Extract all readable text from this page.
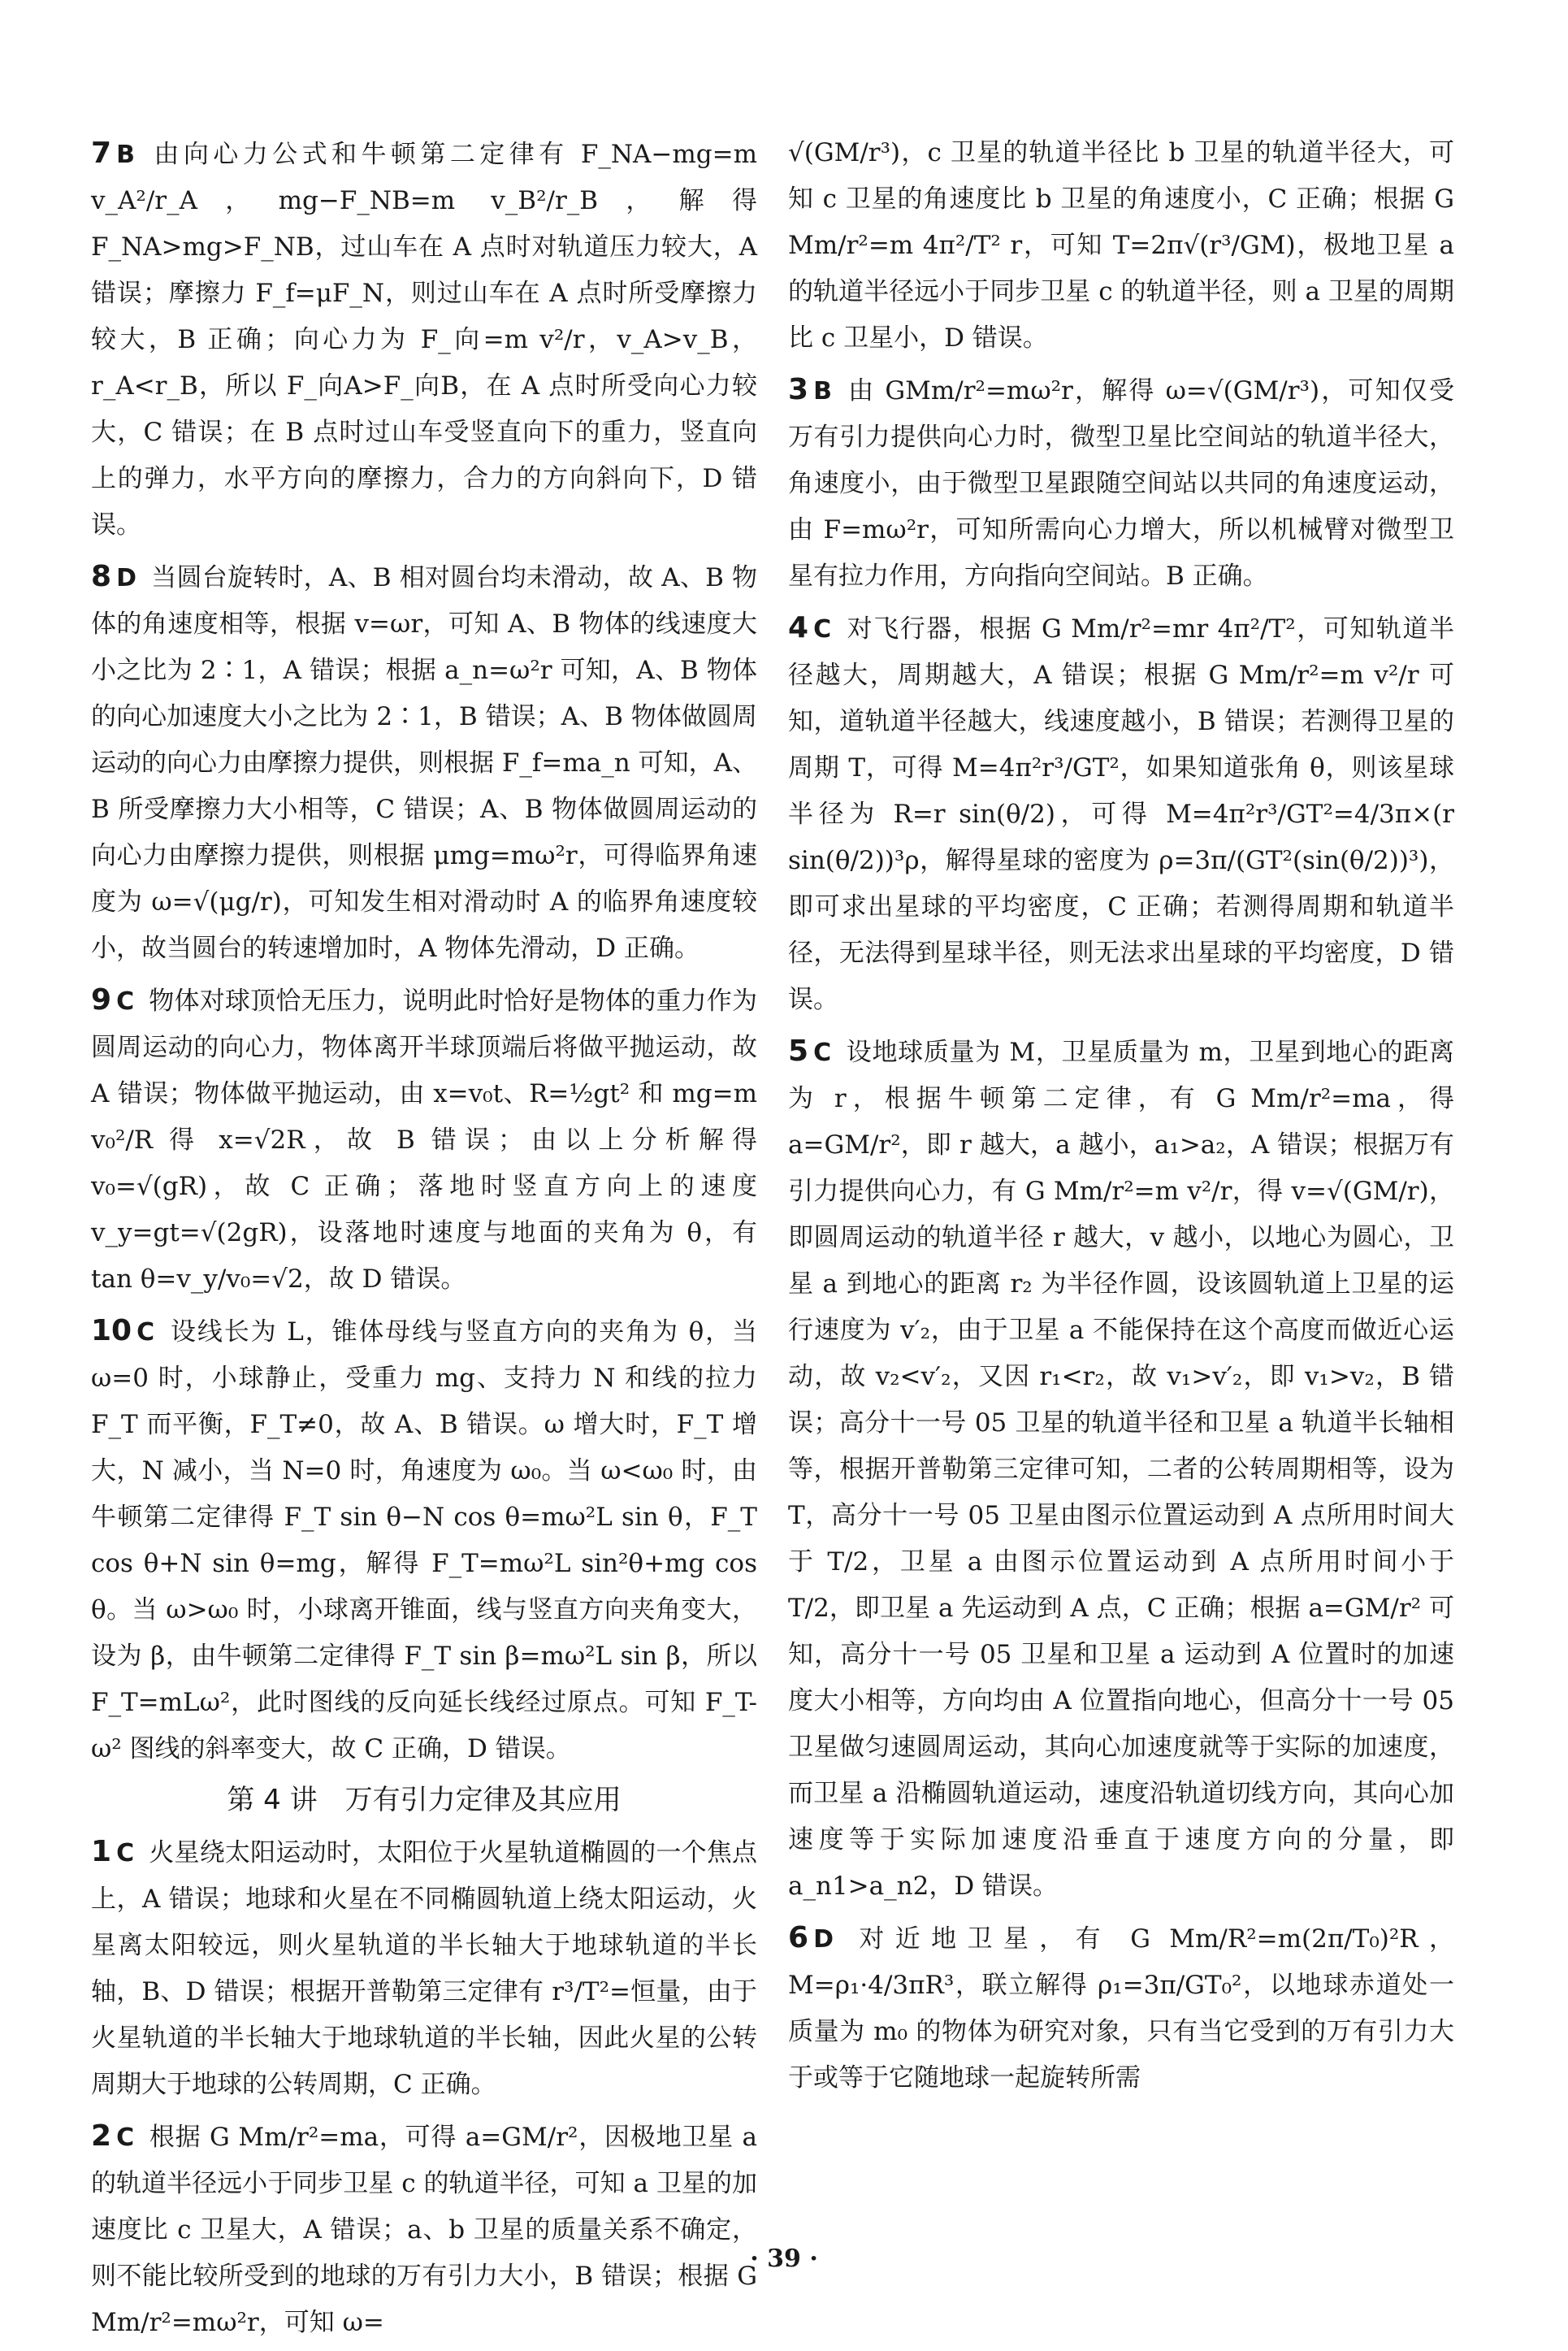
7 B 由向心力公式和牛顿第二定律有 F_NA−mg=m v_A²/r_A，mg−F_NB=m v_B²/r_B，解得 F_NA>mg>F_NB，过山车在 A 点时对轨道压力较大，A 错误；摩擦力 F_f=μF_N，则过山车在 A 点时所受摩擦力较大，B 正确；向心力为 F_向=m v²/r，v_A>v_B，r_A<r_B，所以 F_向A>F_向B，在 A 点时所受向心力较大，C 错误；在 B 点时过山车受竖直向下的重力，竖直向上的弹力，水平方向的摩擦力，合力的方向斜向下，D 错误。

8 D 当圆台旋转时，A、B 相对圆台均未滑动，故 A、B 物体的角速度相等，根据 v=ωr，可知 A、B 物体的线速度大小之比为 2∶1，A 错误；根据 a_n=ω²r 可知，A、B 物体的向心加速度大小之比为 2∶1，B 错误；A、B 物体做圆周运动的向心力由摩擦力提供，则根据 F_f=ma_n 可知，A、B 所受摩擦力大小相等，C 错误；A、B 物体做圆周运动的向心力由摩擦力提供，则根据 μmg=mω²r，可得临界角速度为 ω=√(μg/r)，可知发生相对滑动时 A 的临界角速度较小，故当圆台的转速增加时，A 物体先滑动，D 正确。

9 C 物体对球顶恰无压力，说明此时恰好是物体的重力作为圆周运动的向心力，物体离开半球顶端后将做平抛运动，故 A 错误；物体做平抛运动，由 x=v₀t、R=½gt² 和 mg=m v₀²/R 得 x=√2R，故 B 错误；由以上分析解得 v₀=√(gR)，故 C 正确；落地时竖直方向上的速度 v_y=gt=√(2gR)，设落地时速度与地面的夹角为 θ，有 tan θ=v_y/v₀=√2，故 D 错误。

10 C 设线长为 L，锥体母线与竖直方向的夹角为 θ，当 ω=0 时，小球静止，受重力 mg、支持力 N 和线的拉力 F_T 而平衡，F_T≠0，故 A、B 错误。ω 增大时，F_T 增大，N 减小，当 N=0 时，角速度为 ω₀。当 ω<ω₀ 时，由牛顿第二定律得 F_T sin θ−N cos θ=mω²L sin θ，F_T cos θ+N sin θ=mg，解得 F_T=mω²L sin²θ+mg cos θ。当 ω>ω₀ 时，小球离开锥面，线与竖直方向夹角变大，设为 β，由牛顿第二定律得 F_T sin β=mω²L sin β，所以 F_T=mLω²，此时图线的反向延长线经过原点。可知 F_T-ω² 图线的斜率变大，故 C 正确，D 错误。

第 4 讲　万有引力定律及其应用

1 C 火星绕太阳运动时，太阳位于火星轨道椭圆的一个焦点上，A 错误；地球和火星在不同椭圆轨道上绕太阳运动，火星离太阳较远，则火星轨道的半长轴大于地球轨道的半长轴，B、D 错误；根据开普勒第三定律有 r³/T²=恒量，由于火星轨道的半长轴大于地球轨道的半长轴，因此火星的公转周期大于地球的公转周期，C 正确。

2 C 根据 G Mm/r²=ma，可得 a=GM/r²，因极地卫星 a 的轨道半径远小于同步卫星 c 的轨道半径，可知 a 卫星的加速度比 c 卫星大，A 错误；a、b 卫星的质量关系不确定，则不能比较所受到的地球的万有引力大小，B 错误；根据 G Mm/r²=mω²r，可知 ω=

√(GM/r³)，c 卫星的轨道半径比 b 卫星的轨道半径大，可知 c 卫星的角速度比 b 卫星的角速度小，C 正确；根据 G Mm/r²=m 4π²/T² r，可知 T=2π√(r³/GM)，极地卫星 a 的轨道半径远小于同步卫星 c 的轨道半径，则 a 卫星的周期比 c 卫星小，D 错误。

3 B 由 GMm/r²=mω²r，解得 ω=√(GM/r³)，可知仅受万有引力提供向心力时，微型卫星比空间站的轨道半径大，角速度小，由于微型卫星跟随空间站以共同的角速度运动，由 F=mω²r，可知所需向心力增大，所以机械臂对微型卫星有拉力作用，方向指向空间站。B 正确。

4 C 对飞行器，根据 G Mm/r²=mr 4π²/T²，可知轨道半径越大，周期越大，A 错误；根据 G Mm/r²=m v²/r 可知，道轨道半径越大，线速度越小，B 错误；若测得卫星的周期 T，可得 M=4π²r³/GT²，如果知道张角 θ，则该星球半径为 R=r sin(θ/2)，可得 M=4π²r³/GT²=4/3π×(r sin(θ/2))³ρ，解得星球的密度为 ρ=3π/(GT²(sin(θ/2))³)，即可求出星球的平均密度，C 正确；若测得周期和轨道半径，无法得到星球半径，则无法求出星球的平均密度，D 错误。

5 C 设地球质量为 M，卫星质量为 m，卫星到地心的距离为 r，根据牛顿第二定律，有 G Mm/r²=ma，得 a=GM/r²，即 r 越大，a 越小，a₁>a₂，A 错误；根据万有引力提供向心力，有 G Mm/r²=m v²/r，得 v=√(GM/r)，即圆周运动的轨道半径 r 越大，v 越小，以地心为圆心，卫星 a 到地心的距离 r₂ 为半径作圆，设该圆轨道上卫星的运行速度为 v′₂，由于卫星 a 不能保持在这个高度而做近心运动，故 v₂<v′₂，又因 r₁<r₂，故 v₁>v′₂，即 v₁>v₂，B 错误；高分十一号 05 卫星的轨道半径和卫星 a 轨道半长轴相等，根据开普勒第三定律可知，二者的公转周期相等，设为 T，高分十一号 05 卫星由图示位置运动到 A 点所用时间大于 T/2，卫星 a 由图示位置运动到 A 点所用时间小于 T/2，即卫星 a 先运动到 A 点，C 正确；根据 a=GM/r² 可知，高分十一号 05 卫星和卫星 a 运动到 A 位置时的加速度大小相等，方向均由 A 位置指向地心，但高分十一号 05 卫星做匀速圆周运动，其向心加速度就等于实际的加速度，而卫星 a 沿椭圆轨道运动，速度沿轨道切线方向，其向心加速度等于实际加速度沿垂直于速度方向的分量，即 a_n1>a_n2，D 错误。

6 D 对近地卫星，有 G Mm/R²=m(2π/T₀)²R，M=ρ₁·4/3πR³，联立解得 ρ₁=3π/GT₀²，以地球赤道处一质量为 m₀ 的物体为研究对象，只有当它受到的万有引力大于或等于它随地球一起旋转所需

· 39 ·
